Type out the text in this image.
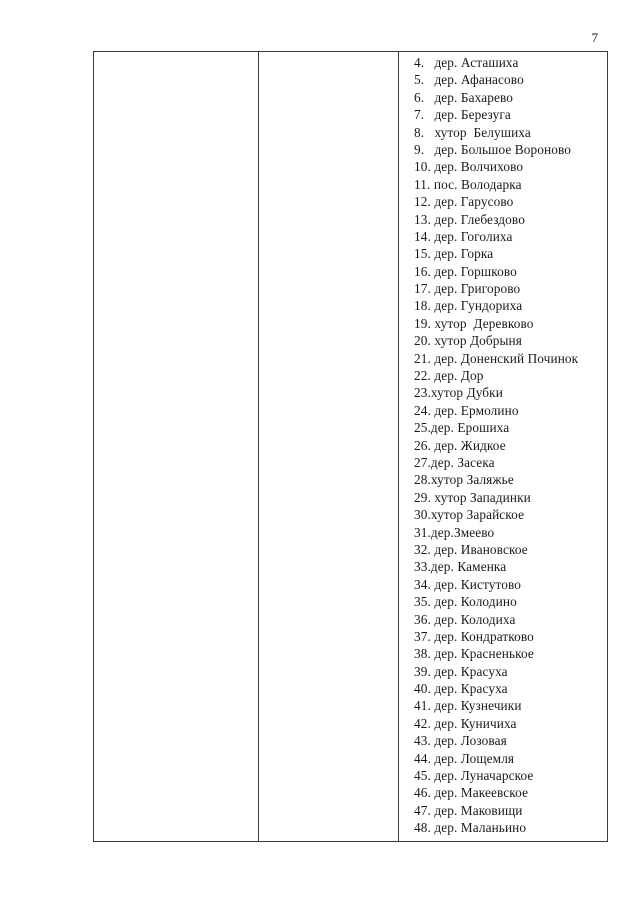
7
4.   дер. Асташиха
5.   дер. Афанасово
6.   дер. Бахарево
7.   дер. Березуга
8.   хутор  Белушиха
9.   дер. Большое Вороново
10. дер. Волчихово
11. пос. Володарка
12. дер. Гарусово
13. дер. Глебездово
14. дер. Гоголиха
15. дер. Горка
16. дер. Горшково
17. дер. Григорово
18. дер. Гундориха
19. хутор  Деревково
20. хутор Добрыня
21. дер. Доненский Починок
22. дер. Дор
23.хутор Дубки
24. дер. Ермолино
25.дер. Ерошиха
26. дер. Жидкое
27.дер. Засека
28.хутор Заляжье
29. хутор Западинки
30.хутор Зарайское
31.дер.Змеево
32. дер. Ивановское
33.дер. Каменка
34. дер. Кистутово
35. дер. Колодино
36. дер. Колодиха
37. дер. Кондратково
38. дер. Красненькое
39. дер. Красуха
40. дер. Красуха
41. дер. Кузнечики
42. дер. Куничиха
43. дер. Лозовая
44. дер. Лощемля
45. дер. Луначарское
46. дер. Макеевское
47. дер. Маковищи
48. дер. Маланьино
